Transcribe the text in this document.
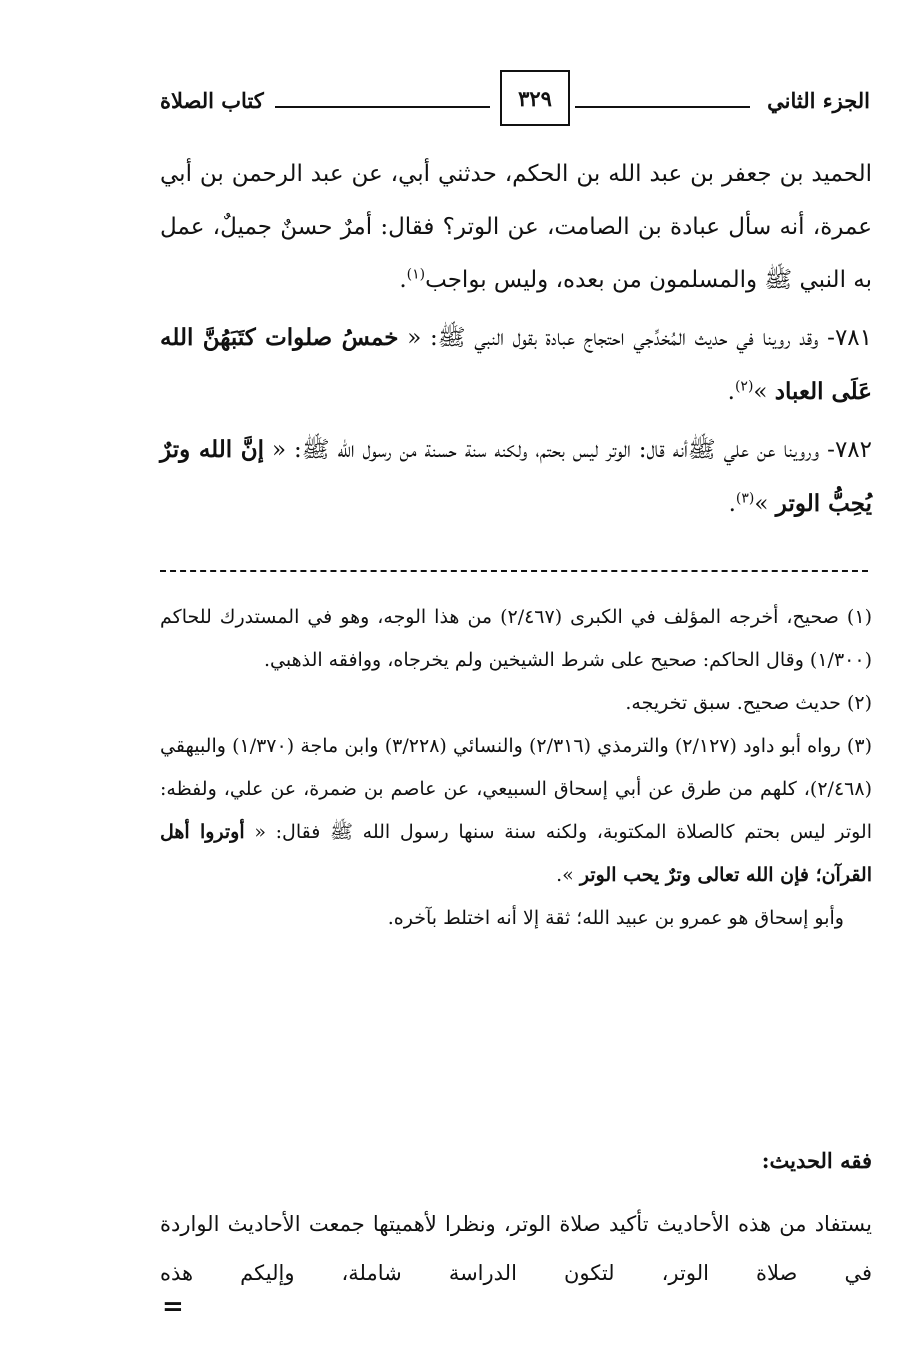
الجزء الثاني
٣٢٩
كتاب الصلاة

الحميد بن جعفر بن عبد الله بن الحكم، حدثني أبي، عن عبد الرحمن بن أبي عمرة، أنه سأل عبادة بن الصامت، عن الوتر؟ فقال: أمرٌ حسنٌ جميلٌ، عمل به النبي ﷺ والمسلمون من بعده، وليس بواجب$^{(١)}$.

٧٨١- وقد روينا في حديث المُخدِّجي احتجاج عبادة بقول النبي ﷺ: « خمسُ صلوات كتَبَهُنَّ الله عَلَى العباد »$^{(٢)}$.

٧٨٢- وروينا عن علي ﷺأنه قال: الوتر ليس بحتم، ولكنه سنة حسنة من رسول الله ﷺ: « إنَّ الله وترٌ يُحِبُّ الوتر »$^{(٣)}$.

(١) صحيح، أخرجه المؤلف في الكبرى (٢/٤٦٧) من هذا الوجه، وهو في المستدرك للحاكم (١/٣٠٠) وقال الحاكم: صحيح على شرط الشيخين ولم يخرجاه، ووافقه الذهبي.

(٢) حديث صحيح. سبق تخريجه.

(٣) رواه أبو داود (٢/١٢٧) والترمذي (٢/٣١٦) والنسائي (٣/٢٢٨) وابن ماجة (١/٣٧٠) والبيهقي (٢/٤٦٨)، كلهم من طرق عن أبي إسحاق السبيعي، عن عاصم بن ضمرة، عن علي، ولفظه: الوتر ليس بحتم كالصلاة المكتوبة، ولكنه سنة سنها رسول الله ﷺ فقال: « أوتروا أهل القرآن؛ فإن الله تعالى وترٌ يحب الوتر ».

وأبو إسحاق هو عمرو بن عبيد الله؛ ثقة إلا أنه اختلط بآخره.

فقه الحديث:

يستفاد من هذه الأحاديث تأكيد صلاة الوتر، ونظرا لأهميتها جمعت الأحاديث الواردة في صلاة الوتر، لتكون الدراسة شاملة، وإليكم هذه

=
